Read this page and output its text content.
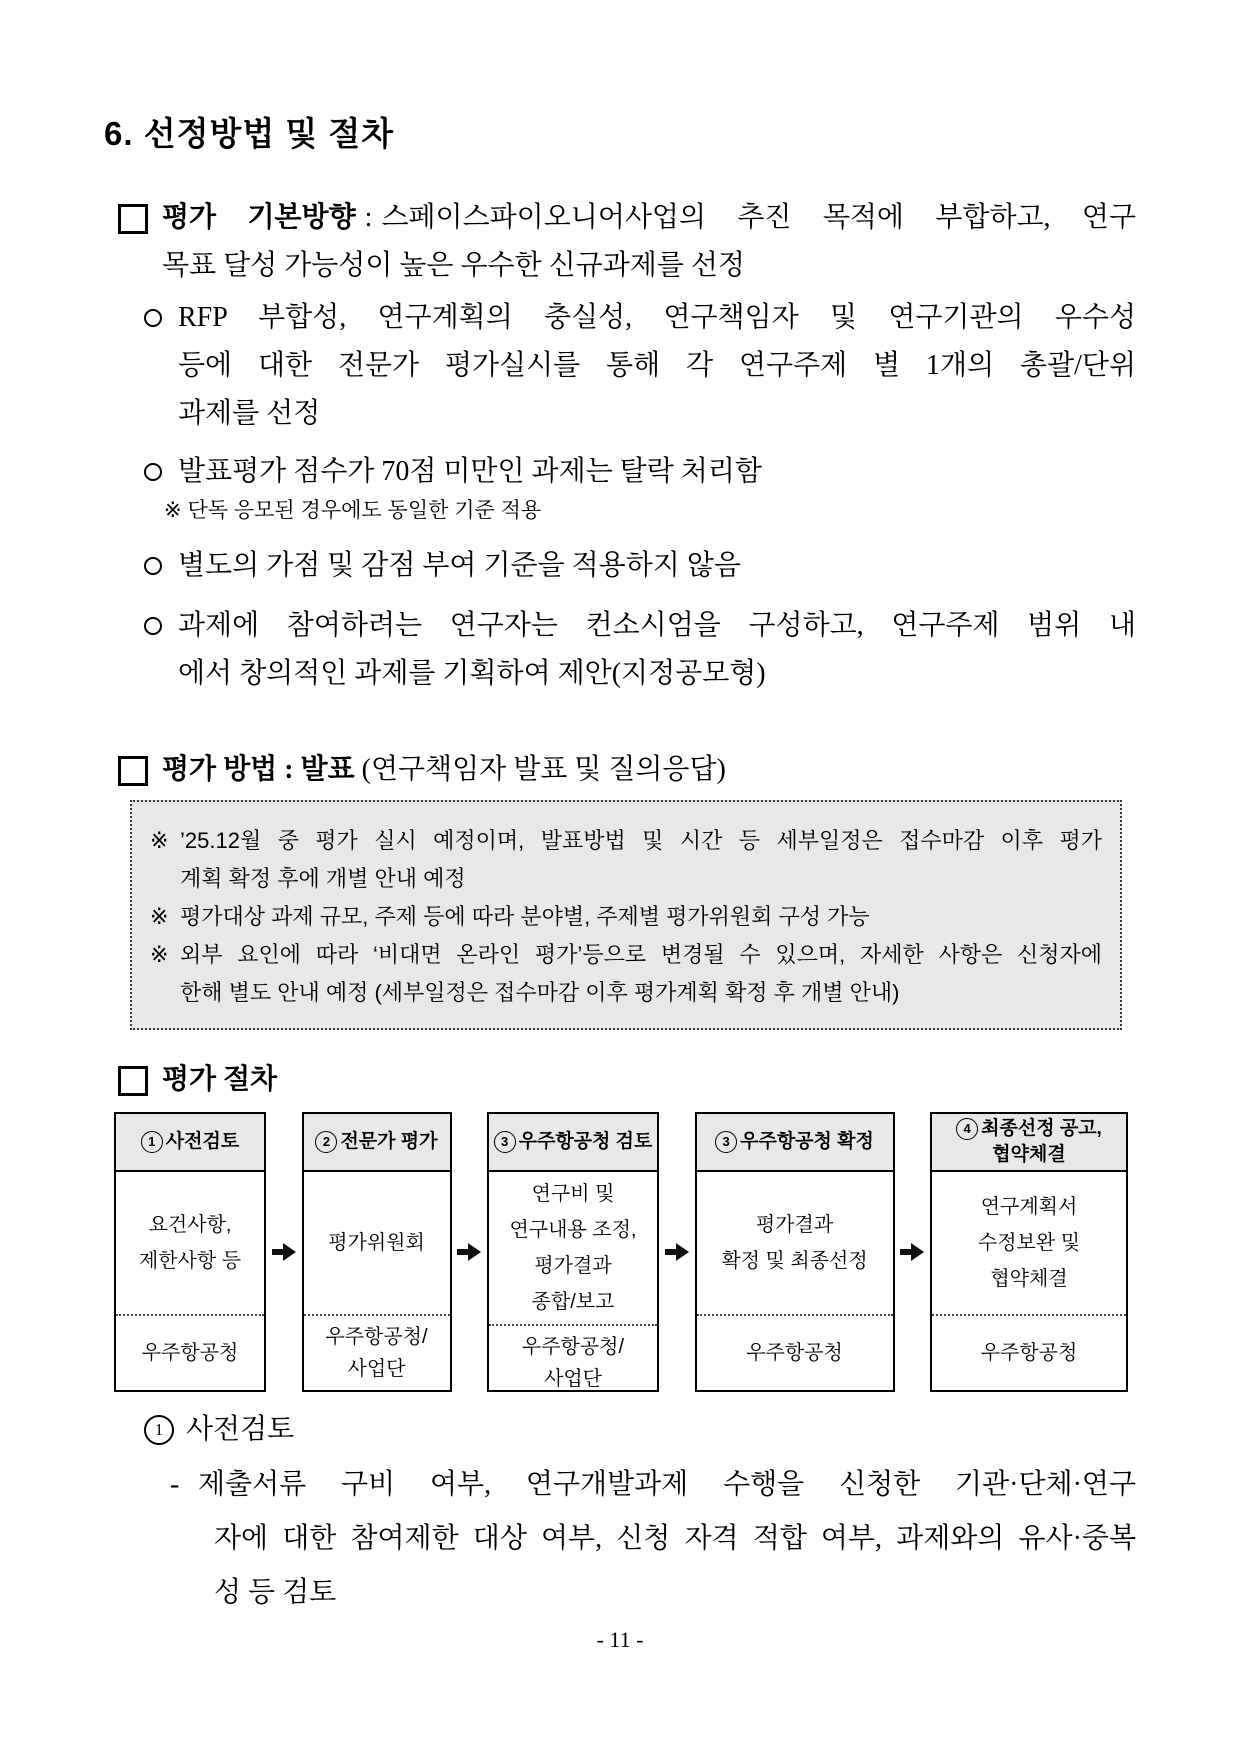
6. 선정방법 및 절차
평가 기본방향 : 스페이스파이오니어사업의 추진 목적에 부합하고, 연구
목표 달성 가능성이 높은 우수한 신규과제를 선정
RFP 부합성, 연구계획의 충실성, 연구책임자 및 연구기관의 우수성
등에 대한 전문가 평가실시를 통해 각 연구주제 별 1개의 총괄/단위
과제를 선정
발표평가 점수가 70점 미만인 과제는 탈락 처리함
※ 단독 응모된 경우에도 동일한 기준 적용
별도의 가점 및 감점 부여 기준을 적용하지 않음
과제에 참여하려는 연구자는 컨소시엄을 구성하고, 연구주제 범위 내
에서 창의적인 과제를 기획하여 제안(지정공모형)
평가 방법 : 발표 (연구책임자 발표 및 질의응답)
※ ’25.12월 중 평가 실시 예정이며, 발표방법 및 시간 등 세부일정은 접수마감 이후 평가
계획 확정 후에 개별 안내 예정
※ 평가대상 과제 규모, 주제 등에 따라 분야별, 주제별 평가위원회 구성 가능
※ 외부 요인에 따라 ‘비대면 온라인 평가’등으로 변경될 수 있으며, 자세한 사항은 신청자에
한해 별도 안내 예정 (세부일정은 접수마감 이후 평가계획 확정 후 개별 안내)
평가 절차
1 사전검토
요건사항,
제한사항 등
우주항공청
2 전문가 평가
평가위원회
우주항공청/
사업단
3 우주항공청 검토
연구비 및
연구내용 조정,
평가결과
종합/보고
우주항공청/
사업단
3 우주항공청 확정
평가결과
확정 및 최종선정
우주항공청
4 최종선정 공고,
협약체결
연구계획서
수정보완 및
협약체결
우주항공청
1 사전검토
- 제출서류 구비 여부, 연구개발과제 수행을 신청한 기관·단체·연구
자에 대한 참여제한 대상 여부, 신청 자격 적합 여부, 과제와의 유사·중복
성 등 검토
- 11 -
